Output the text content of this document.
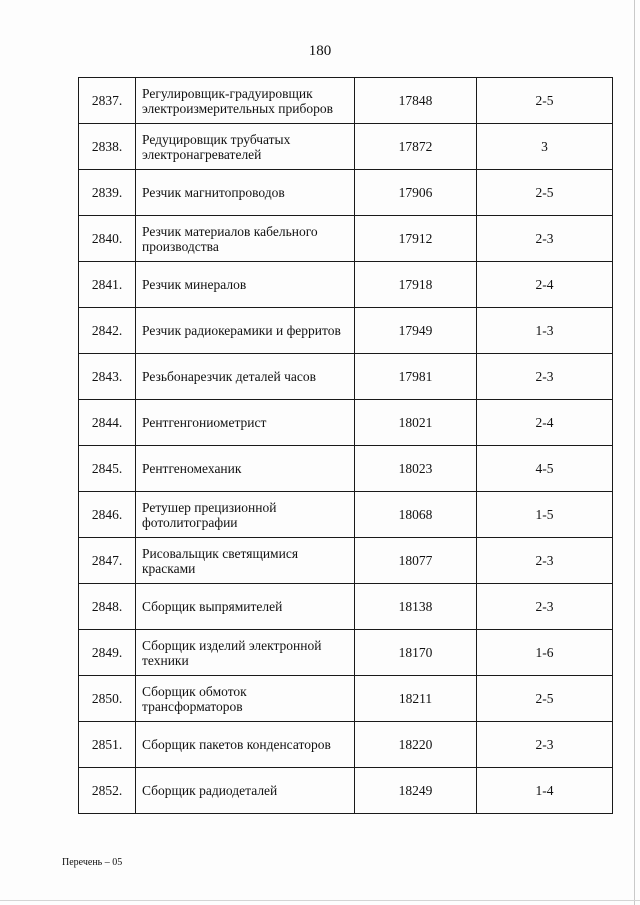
180
2837.	Регулировщик-градуировщик электроизмерительных приборов	17848	2-5
2838.	Редуцировщик трубчатых электронагревателей	17872	3
2839.	Резчик магнитопроводов	17906	2-5
2840.	Резчик материалов кабельного производства	17912	2-3
2841.	Резчик минералов	17918	2-4
2842.	Резчик радиокерамики и ферритов	17949	1-3
2843.	Резьбонарезчик деталей часов	17981	2-3
2844.	Рентгенгониометрист	18021	2-4
2845.	Рентгеномеханик	18023	4-5
2846.	Ретушер прецизионной фотолитографии	18068	1-5
2847.	Рисовальщик светящимися красками	18077	2-3
2848.	Сборщик выпрямителей	18138	2-3
2849.	Сборщик изделий электронной техники	18170	1-6
2850.	Сборщик обмоток трансформаторов	18211	2-5
2851.	Сборщик пакетов конденсаторов	18220	2-3
2852.	Сборщик радиодеталей	18249	1-4
Перечень – 05
